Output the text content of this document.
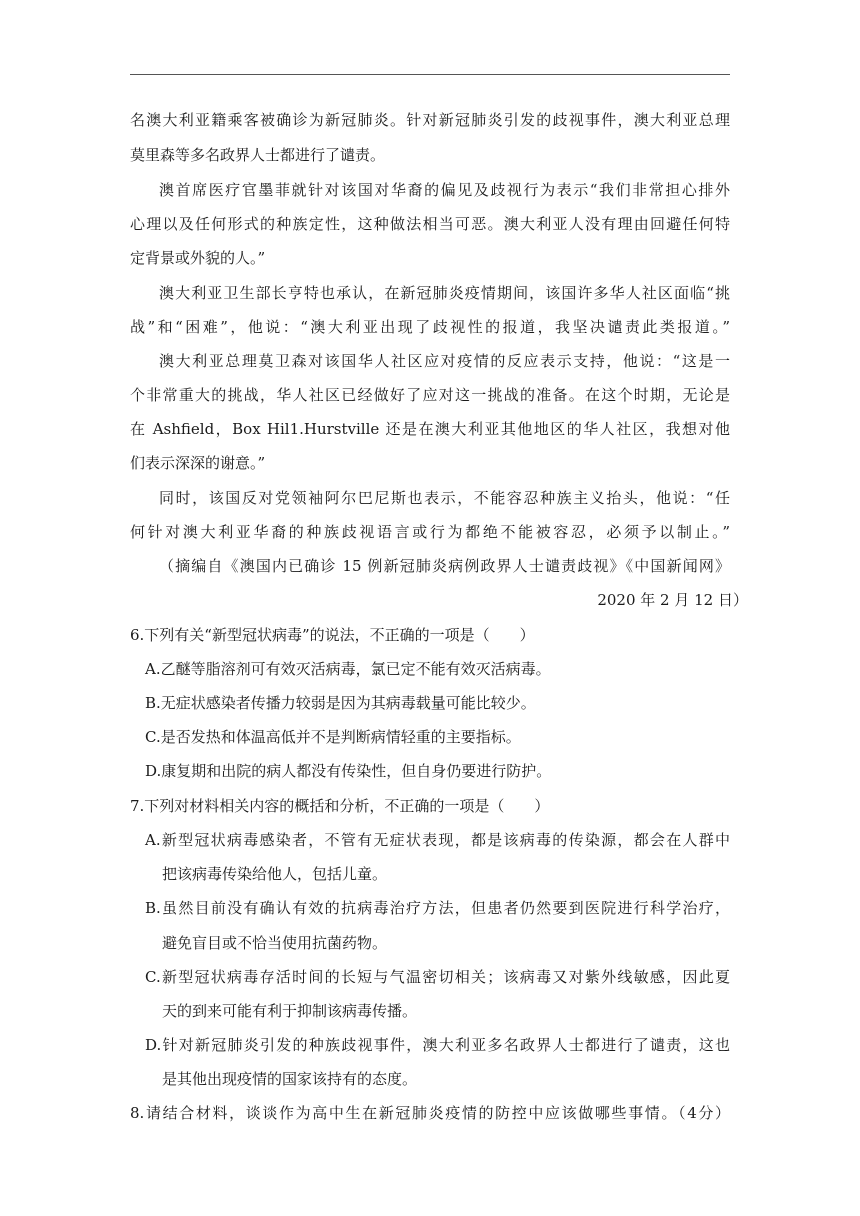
名澳大利亚籍乘客被确诊为新冠肺炎。针对新冠肺炎引发的歧视事件，澳大利亚总理

莫里森等多名政界人士都进行了谴责。

澳首席医疗官墨菲就针对该国对华裔的偏见及歧视行为表示“我们非常担心排外

心理以及任何形式的种族定性，这种做法相当可恶。澳大利亚人没有理由回避任何特

定背景或外貌的人。”

澳大利亚卫生部长亨特也承认，在新冠肺炎疫情期间，该国许多华人社区面临“挑

战”和“困难”，他说：“澳大利亚出现了歧视性的报道，我坚决谴责此类报道。”

澳大利亚总理莫卫森对该国华人社区应对疫情的反应表示支持，他说：“这是一

个非常重大的挑战，华人社区已经做好了应对这一挑战的准备。在这个时期，无论是

在 Ashfield，Box Hil1.Hurstville 还是在澳大利亚其他地区的华人社区，我想对他

们表示深深的谢意。”

同时，该国反对党领袖阿尔巴尼斯也表示，不能容忍种族主义抬头，他说：“任

何针对澳大利亚华裔的种族歧视语言或行为都绝不能被容忍，必须予以制止。”

（摘编自《澳国内已确诊 15 例新冠肺炎病例政界人士谴责歧视》《中国新闻网》

2020 年 2 月 12 日）

6.下列有关“新型冠状病毒”的说法，不正确的一项是（　　）

A.乙醚等脂溶剂可有效灭活病毒，氯已定不能有效灭活病毒。

B.无症状感染者传播力较弱是因为其病毒载量可能比较少。

C.是否发热和体温高低并不是判断病情轻重的主要指标。

D.康复期和出院的病人都没有传染性，但自身仍要进行防护。

7.下列对材料相关内容的概括和分析，不正确的一项是（　　）

A.新型冠状病毒感染者，不管有无症状表现，都是该病毒的传染源，都会在人群中

把该病毒传染给他人，包括儿童。

B.虽然目前没有确认有效的抗病毒治疗方法，但患者仍然要到医院进行科学治疗，

避免盲目或不恰当使用抗菌药物。

C.新型冠状病毒存活时间的长短与气温密切相关；该病毒又对紫外线敏感，因此夏

天的到来可能有利于抑制该病毒传播。

D.针对新冠肺炎引发的种族歧视事件，澳大利亚多名政界人士都进行了谴责，这也

是其他出现疫情的国家该持有的态度。

8.请结合材料，谈谈作为高中生在新冠肺炎疫情的防控中应该做哪些事情。（4分）
